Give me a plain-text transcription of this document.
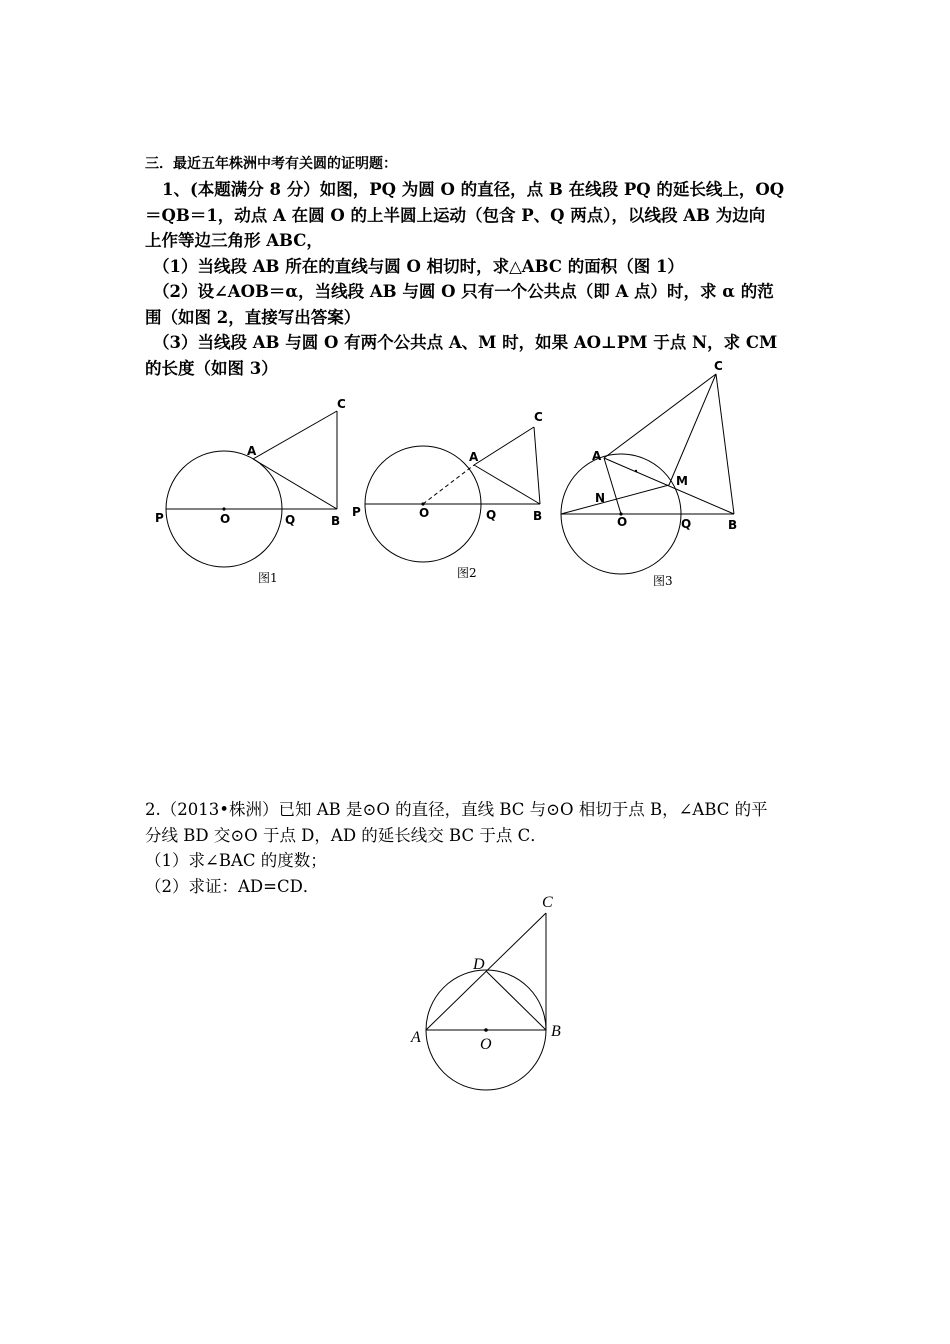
三．最近五年株洲中考有关圆的证明题：
1、(本题满分 8 分）如图，PQ 为圆 O 的直径，点 B 在线段 PQ 的延长线上，OQ
＝QB＝1，动点 A 在圆 O 的上半圆上运动（包含 P、Q 两点），以线段 AB 为边向
上作等边三角形 ABC，
（1）当线段 AB 所在的直线与圆 O 相切时，求△ABC 的面积（图 1）
（2）设∠AOB＝α，当线段 AB 与圆 O 只有一个公共点（即 A 点）时，求 α 的范
围（如图 2，直接写出答案）
（3）当线段 AB 与圆 O 有两个公共点 A、M 时，如果 AO⊥PM 于点 N，求 CM
的长度（如图 3）
P	O	Q	B
A
C
图1
P	O	Q	B
A
C
图2
C
A
M
N
O	Q	B
图3
2.（2013•株洲）已知 AB 是⊙O 的直径，直线 BC 与⊙O 相切于点 B，∠ABC 的平
分线 BD 交⊙O 于点 D，AD 的延长线交 BC 于点 C．
（1）求∠BAC 的度数；
（2）求证：AD=CD．
C
D
A	B
O
